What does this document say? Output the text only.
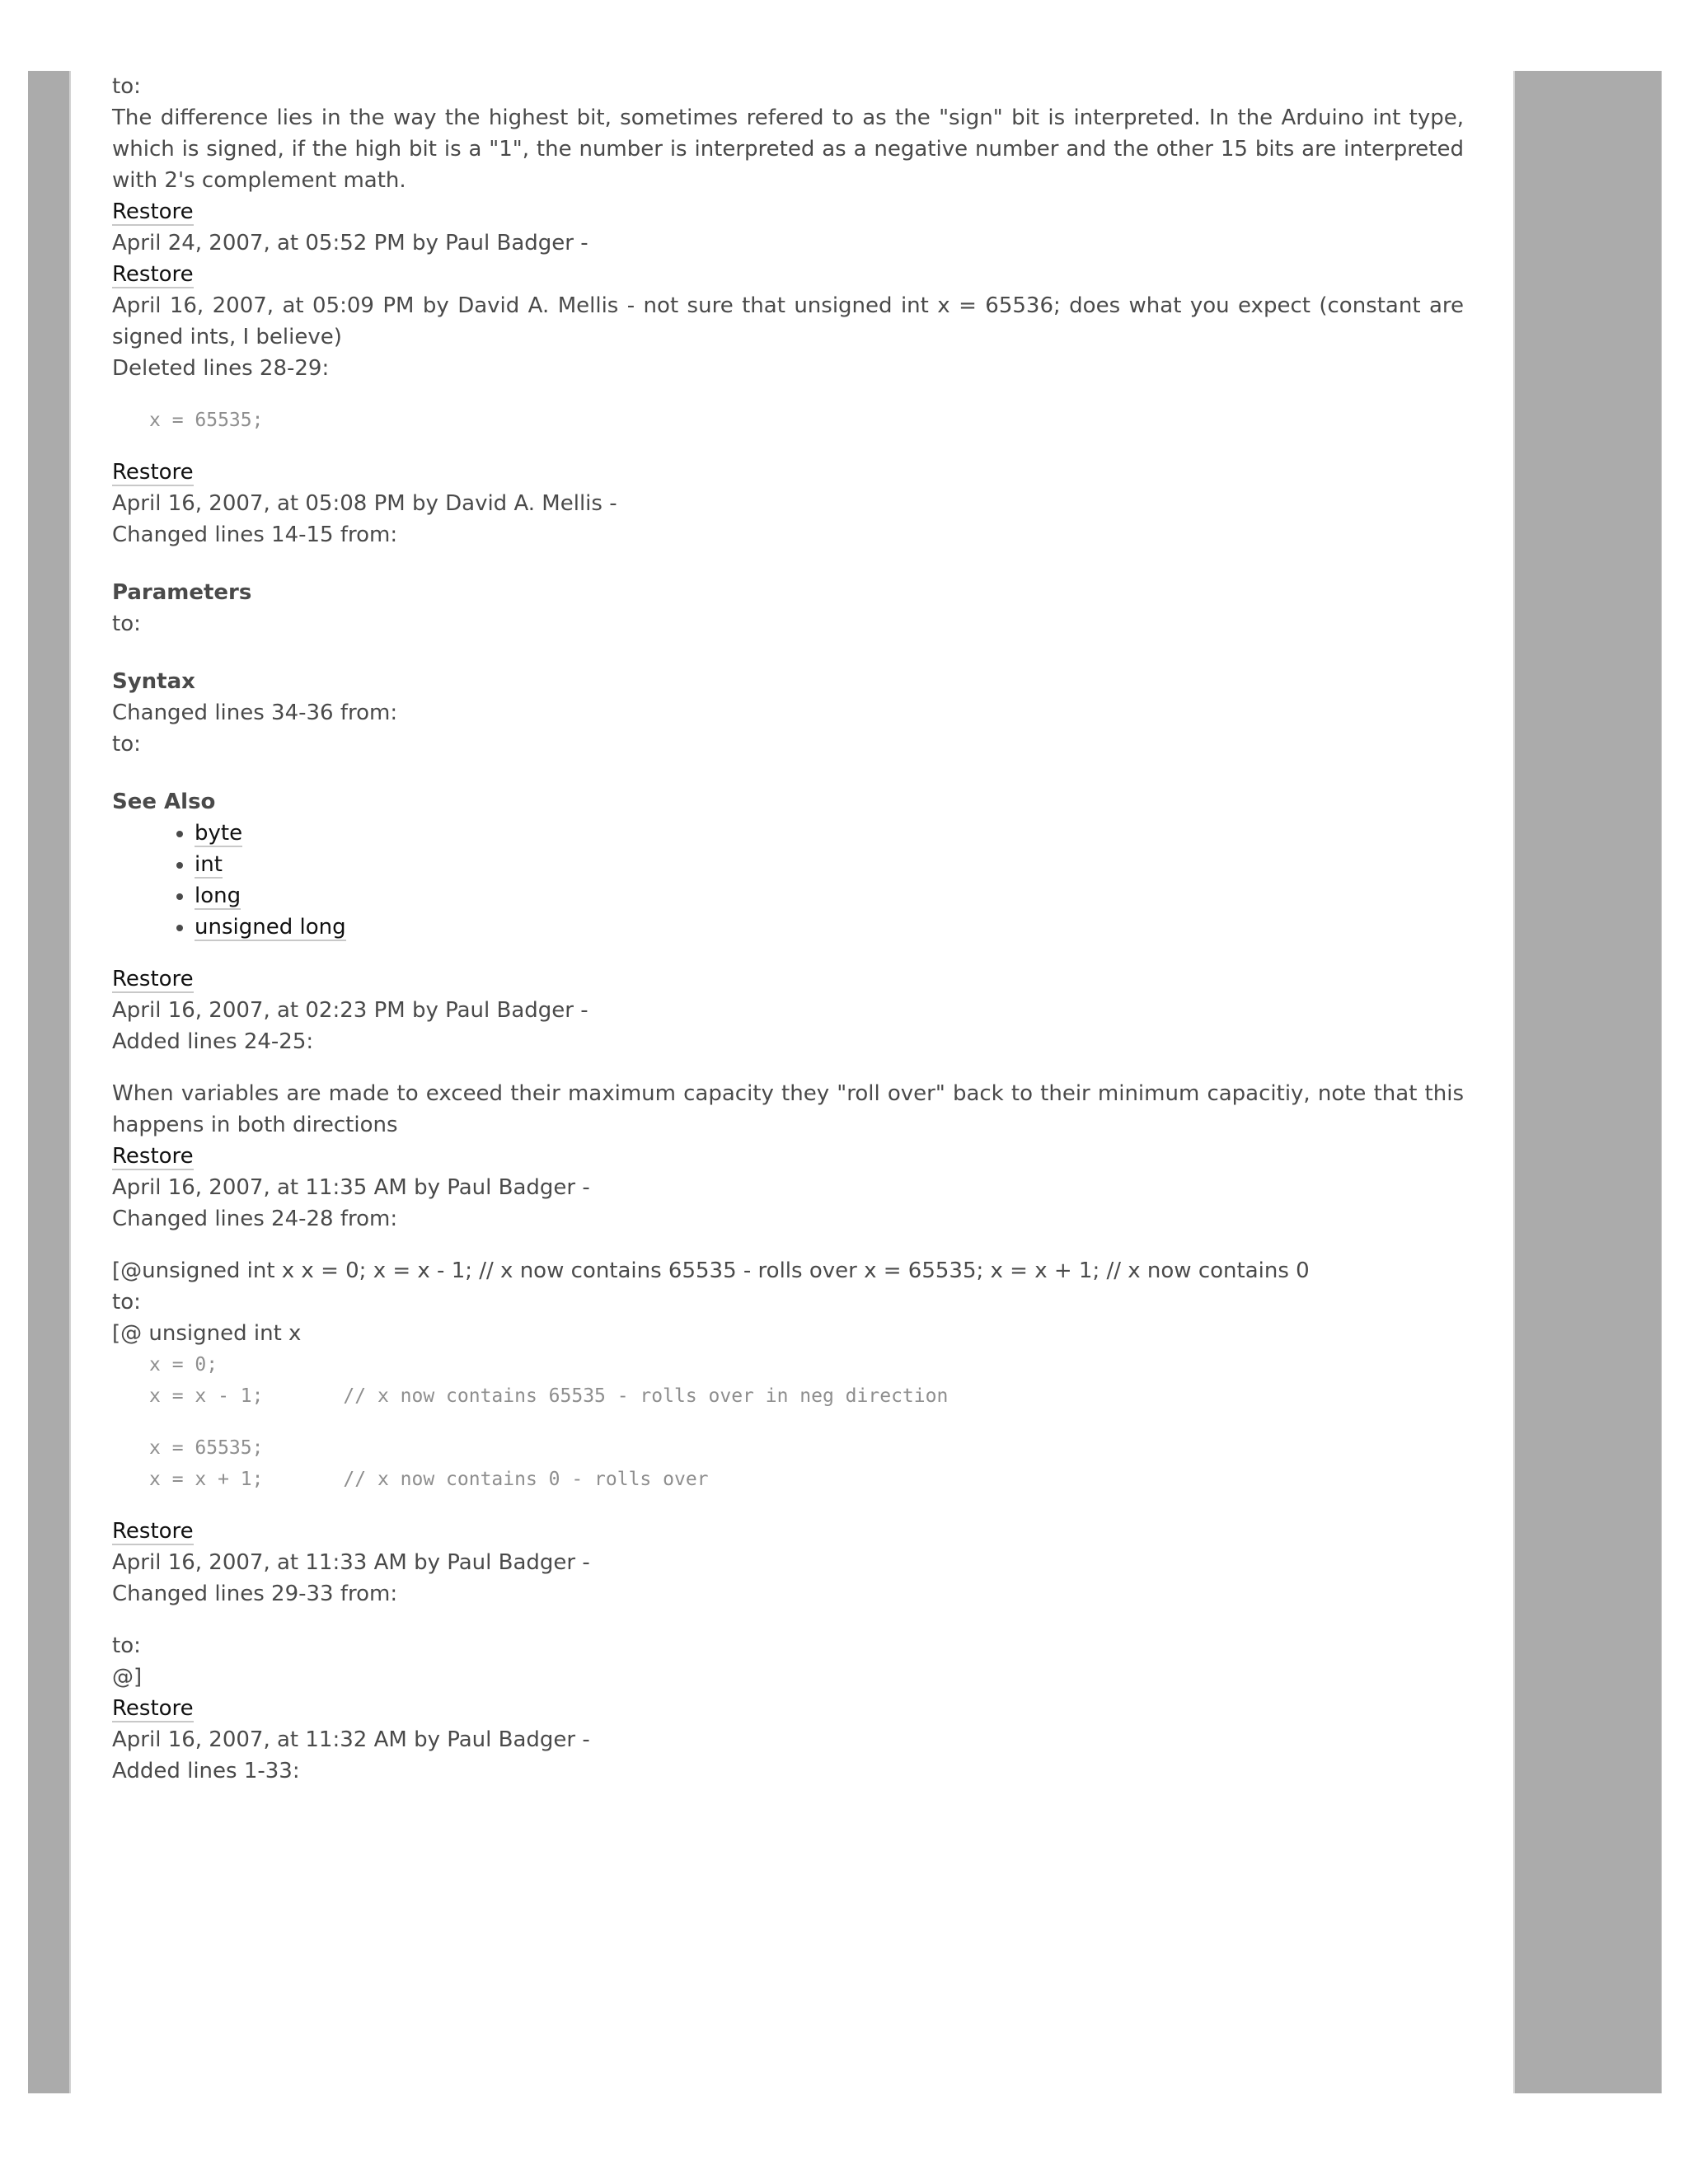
to:

The difference lies in the way the highest bit, sometimes refered to as the "sign" bit is interpreted. In the Arduino int type, which is signed, if the high bit is a "1", the number is interpreted as a negative number and the other 15 bits are interpreted with 2's complement math.

Restore
April 24, 2007, at 05:52 PM by Paul Badger -
Restore
April 16, 2007, at 05:09 PM by David A. Mellis - not sure that unsigned int x = 65536; does what you expect (constant are signed ints, I believe)
Deleted lines 28-29:
x = 65535;
Restore
April 16, 2007, at 05:08 PM by David A. Mellis -
Changed lines 14-15 from:

Parameters

to:

Syntax

Changed lines 34-36 from:

to:

See Also

• byte
• int
• long
• unsigned long
Restore
April 16, 2007, at 02:23 PM by Paul Badger -
Added lines 24-25:

When variables are made to exceed their maximum capacity they "roll over" back to their minimum capacitiy, note that this happens in both directions

Restore
April 16, 2007, at 11:35 AM by Paul Badger -
Changed lines 24-28 from:

[@unsigned int x x = 0; x = x - 1; // x now contains 65535 - rolls over x = 65535; x = x + 1; // x now contains 0

to:

[@ unsigned int x

x = 0;
x = x - 1;       // x now contains 65535 - rolls over in neg direction
x = 65535;
x = x + 1;       // x now contains 0 - rolls over
Restore
April 16, 2007, at 11:33 AM by Paul Badger -
Changed lines 29-33 from:

to:

@]

Restore
April 16, 2007, at 11:32 AM by Paul Badger -
Added lines 1-33:
